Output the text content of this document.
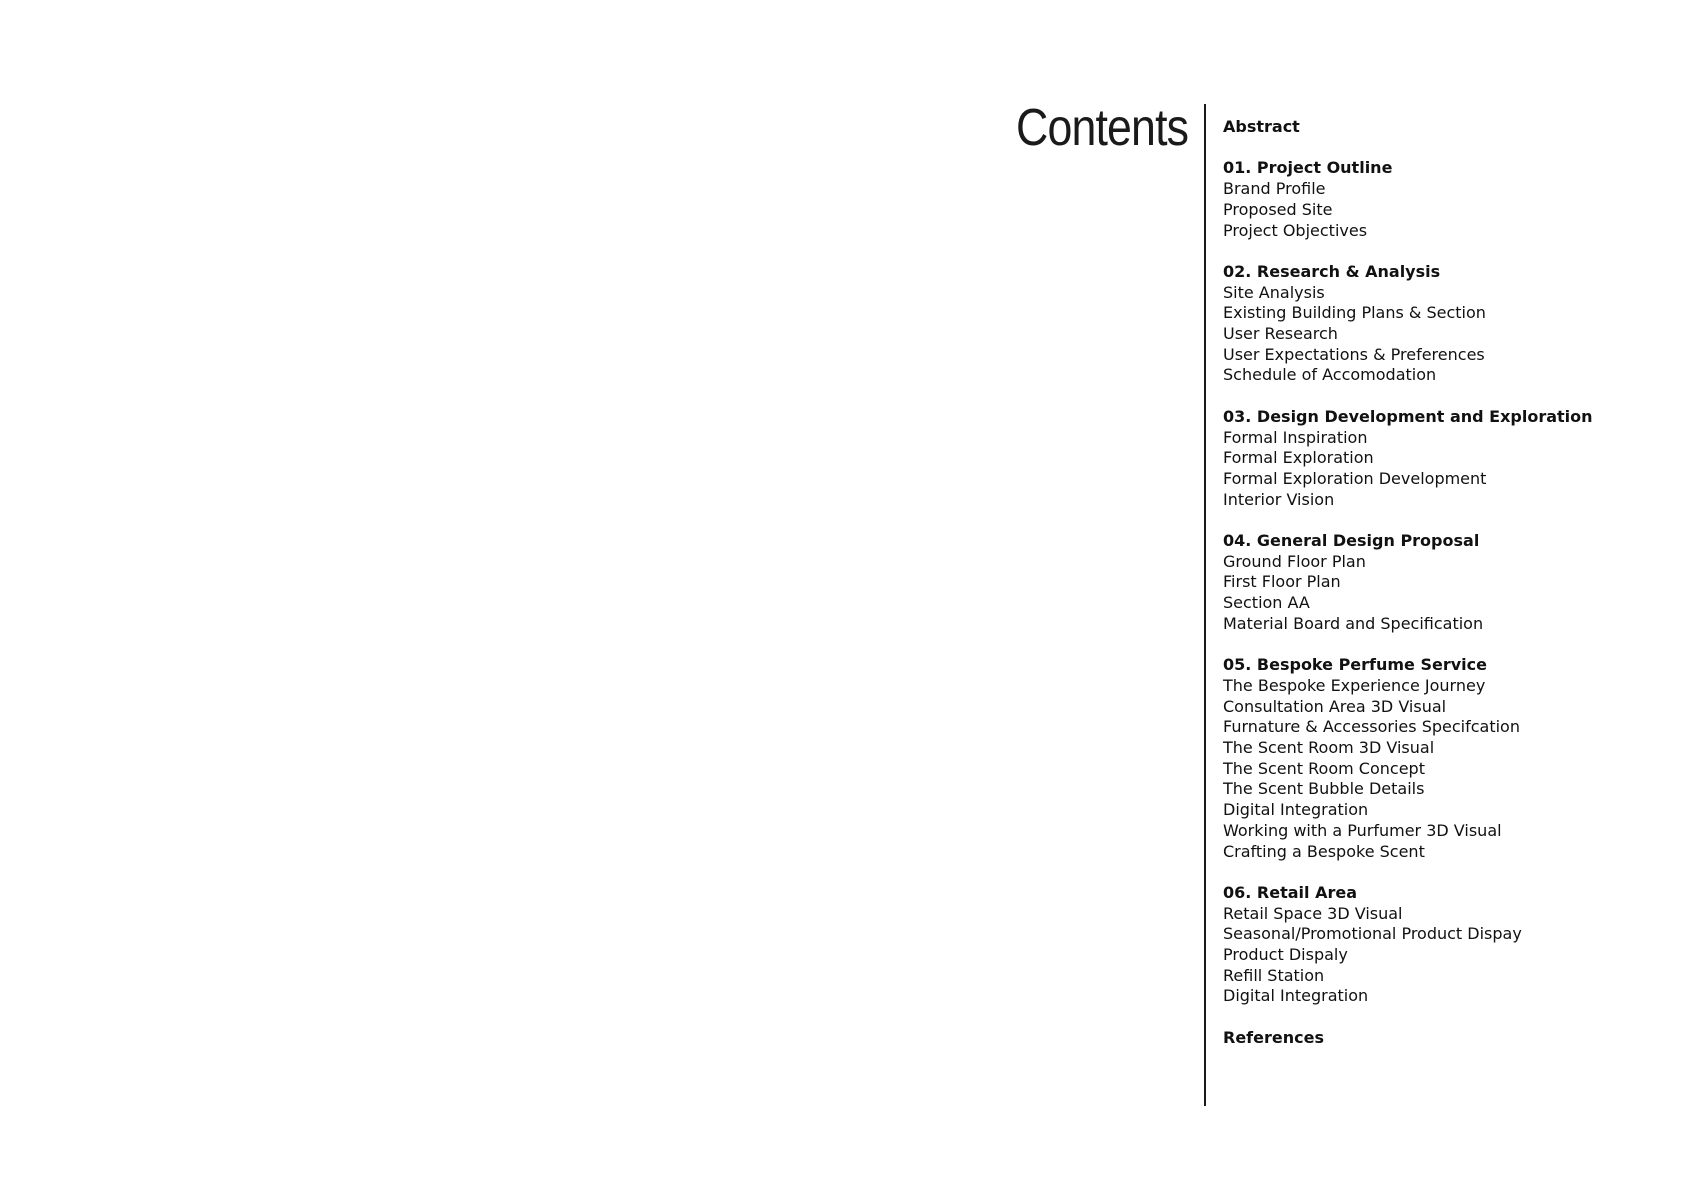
Contents Abstract
01. Project Outline
Brand Profile
Proposed Site
Project Objectives
02. Research & Analysis
Site Analysis
Existing Building Plans & Section
User Research
User Expectations & Preferences
Schedule of Accomodation
03. Design Development and Exploration
Formal Inspiration
Formal Exploration
Formal Exploration Development
Interior Vision
04. General Design Proposal
Ground Floor Plan
First Floor Plan
Section AA
Material Board and Specification
05. Bespoke Perfume Service
The Bespoke Experience Journey
Consultation Area 3D Visual
Furnature & Accessories Specifcation
The Scent Room 3D Visual
The Scent Room Concept
The Scent Bubble Details
Digital Integration
Working with a Purfumer 3D Visual
Crafting a Bespoke Scent
06. Retail Area
Retail Space 3D Visual
Seasonal/Promotional Product Dispay
Product Dispaly
Refill Station
Digital Integration
References
